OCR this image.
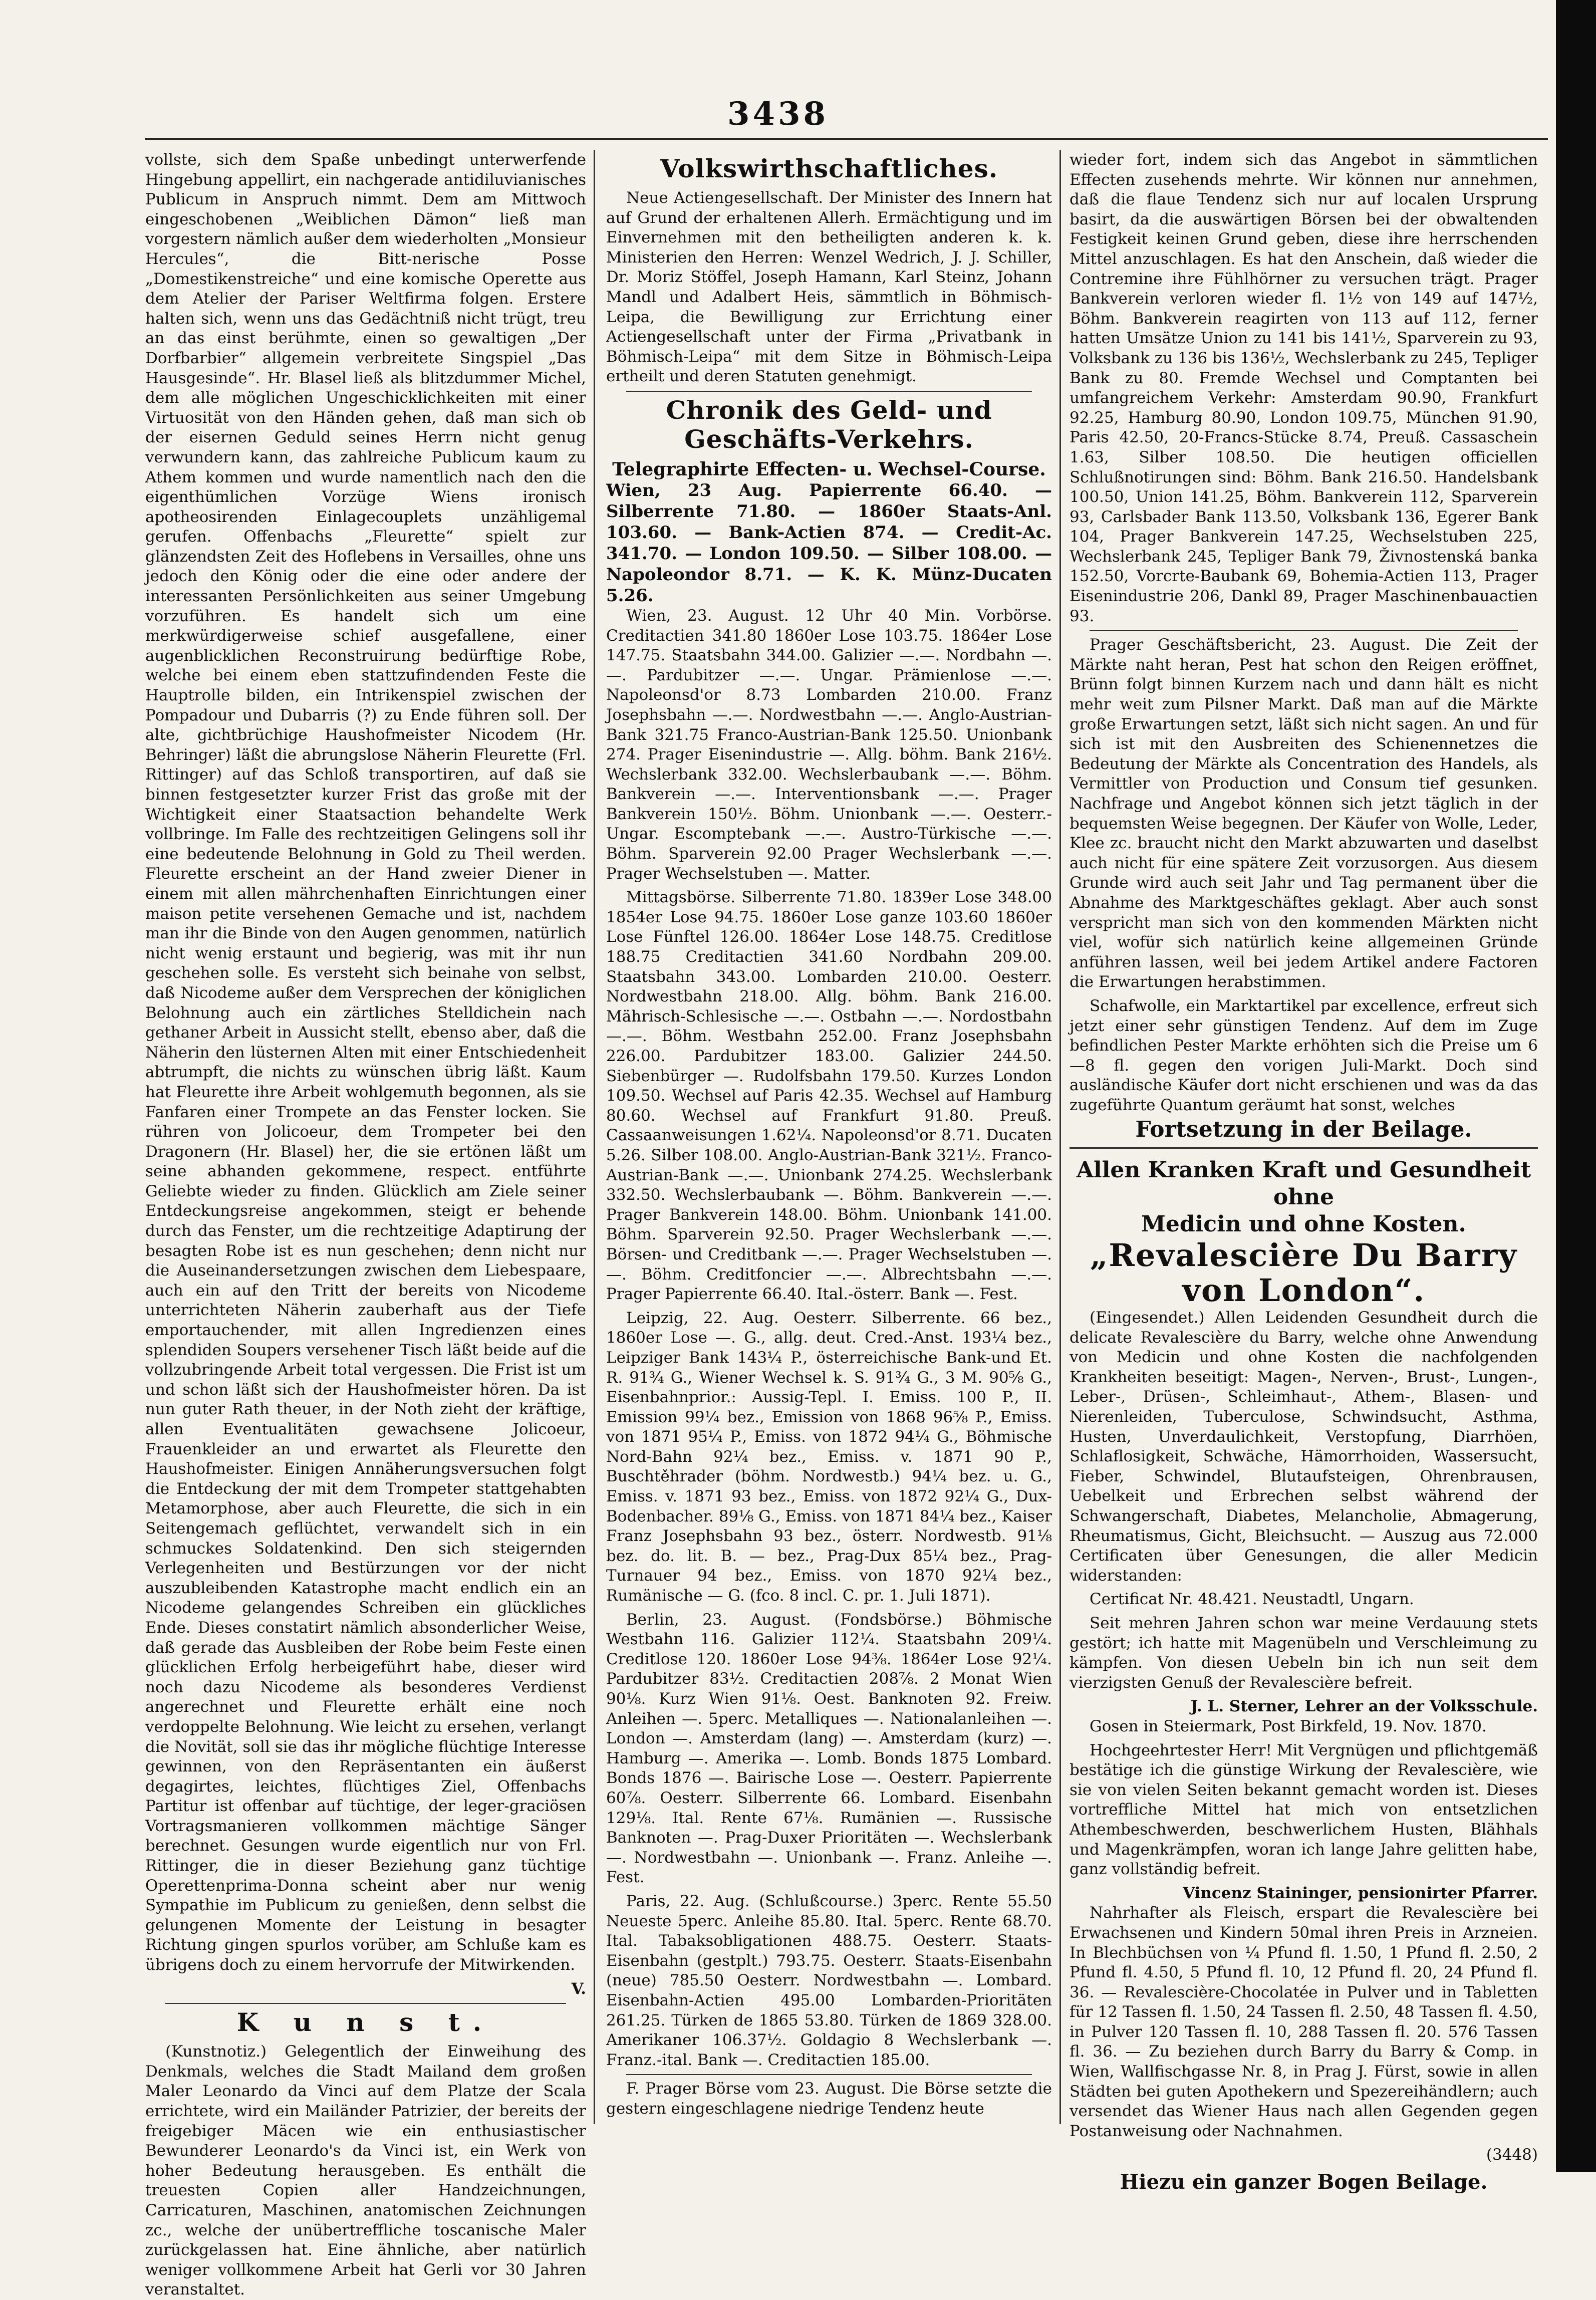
3438

vollste, sich dem Spaße unbedingt unterwerfende Hingebung appellirt, ein nachgerade antidiluvianisches Publicum in Anspruch nimmt. Dem am Mittwoch eingeschobenen „Weiblichen Dämon“ ließ man vorgestern nämlich außer dem wiederholten „Monsieur Hercules“, die Bitt-nerische Posse „Domestikenstreiche“ und eine komische Operette aus dem Atelier der Pariser Weltfirma folgen. Erstere halten sich, wenn uns das Gedächtniß nicht trügt, treu an das einst berühmte, einen so gewaltigen „Der Dorfbarbier“ allgemein verbreitete Singspiel „Das Hausgesinde“. Hr. Blasel ließ als blitzdummer Michel, dem alle möglichen Ungeschicklichkeiten mit einer Virtuosität von den Händen gehen, daß man sich ob der eisernen Geduld seines Herrn nicht genug verwundern kann, das zahlreiche Publicum kaum zu Athem kommen und wurde namentlich nach den die eigenthümlichen Vorzüge Wiens ironisch apotheosirenden Einlagecouplets unzähligemal gerufen. Offenbachs „Fleurette“ spielt zur glänzendsten Zeit des Hoflebens in Versailles, ohne uns jedoch den König oder die eine oder andere der interessanten Persönlichkeiten aus seiner Umgebung vorzuführen. Es handelt sich um eine merkwürdigerweise schief ausgefallene, einer augenblicklichen Reconstruirung bedürftige Robe, welche bei einem eben stattzufindenden Feste die Hauptrolle bilden, ein Intrikenspiel zwischen der Pompadour und Dubarris (?) zu Ende führen soll. Der alte, gichtbrüchige Haushofmeister Nicodem (Hr. Behringer) läßt die abrungslose Näherin Fleurette (Frl. Rittinger) auf das Schloß transportiren, auf daß sie binnen festgesetzter kurzer Frist das große mit der Wichtigkeit einer Staatsaction behandelte Werk vollbringe. Im Falle des rechtzeitigen Gelingens soll ihr eine bedeutende Belohnung in Gold zu Theil werden. Fleurette erscheint an der Hand zweier Diener in einem mit allen mährchenhaften Einrichtungen einer maison petite versehenen Gemache und ist, nachdem man ihr die Binde von den Augen genommen, natürlich nicht wenig erstaunt und begierig, was mit ihr nun geschehen solle. Es versteht sich beinahe von selbst, daß Nicodeme außer dem Versprechen der königlichen Belohnung auch ein zärtliches Stelldichein nach gethaner Arbeit in Aussicht stellt, ebenso aber, daß die Näherin den lüsternen Alten mit einer Entschiedenheit abtrumpft, die nichts zu wünschen übrig läßt. Kaum hat Fleurette ihre Arbeit wohlgemuth begonnen, als sie Fanfaren einer Trompete an das Fenster locken. Sie rühren von Jolicoeur, dem Trompeter bei den Dragonern (Hr. Blasel) her, die sie ertönen läßt um seine abhanden gekommene, respect. entführte Geliebte wieder zu finden. Glücklich am Ziele seiner Entdeckungsreise angekommen, steigt er behende durch das Fenster, um die rechtzeitige Adaptirung der besagten Robe ist es nun geschehen; denn nicht nur die Auseinandersetzungen zwischen dem Liebespaare, auch ein auf den Tritt der bereits von Nicodeme unterrichteten Näherin zauberhaft aus der Tiefe emportauchender, mit allen Ingredienzen eines splendiden Soupers versehener Tisch läßt beide auf die vollzubringende Arbeit total vergessen. Die Frist ist um und schon läßt sich der Haushofmeister hören. Da ist nun guter Rath theuer, in der Noth zieht der kräftige, allen Eventualitäten gewachsene Jolicoeur, Frauenkleider an und erwartet als Fleurette den Haushofmeister. Einigen Annäherungsversuchen folgt die Entdeckung der mit dem Trompeter stattgehabten Metamorphose, aber auch Fleurette, die sich in ein Seitengemach geflüchtet, verwandelt sich in ein schmuckes Soldatenkind. Den sich steigernden Verlegenheiten und Bestürzungen vor der nicht auszubleibenden Katastrophe macht endlich ein an Nicodeme gelangendes Schreiben ein glückliches Ende. Dieses constatirt nämlich absonderlicher Weise, daß gerade das Ausbleiben der Robe beim Feste einen glücklichen Erfolg herbeigeführt habe, dieser wird noch dazu Nicodeme als besonderes Verdienst angerechnet und Fleurette erhält eine noch verdoppelte Belohnung. Wie leicht zu ersehen, verlangt die Novität, soll sie das ihr mögliche flüchtige Interesse gewinnen, von den Repräsentanten ein äußerst degagirtes, leichtes, flüchtiges Ziel, Offenbachs Partitur ist offenbar auf tüchtige, der leger-graciösen Vortragsmanieren vollkommen mächtige Sänger berechnet. Gesungen wurde eigentlich nur von Frl. Rittinger, die in dieser Beziehung ganz tüchtige Operettenprima-Donna scheint aber nur wenig Sympathie im Publicum zu genießen, denn selbst die gelungenen Momente der Leistung in besagter Richtung gingen spurlos vorüber, am Schluße kam es übrigens doch zu einem hervorrufe der Mitwirkenden.

V.
K u n s t.

(Kunstnotiz.) Gelegentlich der Einweihung des Denkmals, welches die Stadt Mailand dem großen Maler Leonardo da Vinci auf dem Platze der Scala errichtete, wird ein Mailänder Patrizier, der bereits der freigebiger Mäcen wie ein enthusiastischer Bewunderer Leonardo's da Vinci ist, ein Werk von hoher Bedeutung herausgeben. Es enthält die treuesten Copien aller Handzeichnungen, Carricaturen, Maschinen, anatomischen Zeichnungen zc., welche der unübertreffliche toscanische Maler zurückgelassen hat. Eine ähnliche, aber natürlich weniger vollkommene Arbeit hat Gerli vor 30 Jahren veranstaltet.

Volkswirthschaftliches.

Neue Actiengesellschaft. Der Minister des Innern hat auf Grund der erhaltenen Allerh. Ermächtigung und im Einvernehmen mit den betheiligten anderen k. k. Ministerien den Herren: Wenzel Wedrich, J. J. Schiller, Dr. Moriz Stöffel, Joseph Hamann, Karl Steinz, Johann Mandl und Adalbert Heis, sämmtlich in Böhmisch-Leipa, die Bewilligung zur Errichtung einer Actiengesellschaft unter der Firma „Privatbank in Böhmisch-Leipa“ mit dem Sitze in Böhmisch-Leipa ertheilt und deren Statuten genehmigt.

Chronik des Geld- und Geschäfts-Verkehrs.
Telegraphirte Effecten- u. Wechsel-Course.
Wien, 23 Aug. Papierrente 66.40. — Silberrente 71.80. — 1860er Staats-Anl. 103.60. — Bank-Actien 874. — Credit-Ac. 341.70. — London 109.50. — Silber 108.00. — Napoleondor 8.71. — K. K. Münz-Ducaten 5.26.

Wien, 23. August. 12 Uhr 40 Min. Vorbörse. Creditactien 341.80 1860er Lose 103.75. 1864er Lose 147.75. Staatsbahn 344.00. Galizier —.—. Nordbahn —.—. Pardubitzer —.—. Ungar. Prämienlose —.—. Napoleonsd'or 8.73 Lombarden 210.00. Franz Josephsbahn —.—. Nordwestbahn —.—. Anglo-Austrian-Bank 321.75 Franco-Austrian-Bank 125.50. Unionbank 274. Prager Eisenindustrie —. Allg. böhm. Bank 216½. Wechslerbank 332.00. Wechslerbaubank —.—. Böhm. Bankverein —.—. Interventionsbank —.—. Prager Bankverein 150½. Böhm. Unionbank —.—. Oesterr.-Ungar. Escomptebank —.—. Austro-Türkische —.—. Böhm. Sparverein 92.00 Prager Wechslerbank —.—. Prager Wechselstuben —. Matter.

Mittagsbörse. Silberrente 71.80. 1839er Lose 348.00 1854er Lose 94.75. 1860er Lose ganze 103.60 1860er Lose Fünftel 126.00. 1864er Lose 148.75. Creditlose 188.75 Creditactien 341.60 Nordbahn 209.00. Staatsbahn 343.00. Lombarden 210.00. Oesterr. Nordwestbahn 218.00. Allg. böhm. Bank 216.00. Mährisch-Schlesische —.—. Ostbahn —.—. Nordostbahn —.—. Böhm. Westbahn 252.00. Franz Josephsbahn 226.00. Pardubitzer 183.00. Galizier 244.50. Siebenbürger —. Rudolfsbahn 179.50. Kurzes London 109.50. Wechsel auf Paris 42.35. Wechsel auf Hamburg 80.60. Wechsel auf Frankfurt 91.80. Preuß. Cassaanweisungen 1.62¼. Napoleonsd'or 8.71. Ducaten 5.26. Silber 108.00. Anglo-Austrian-Bank 321½. Franco-Austrian-Bank —.—. Unionbank 274.25. Wechslerbank 332.50. Wechslerbaubank —. Böhm. Bankverein —.—. Prager Bankverein 148.00. Böhm. Unionbank 141.00. Böhm. Sparverein 92.50. Prager Wechslerbank —.—. Börsen- und Creditbank —.—. Prager Wechselstuben —.—. Böhm. Creditfoncier —.—. Albrechtsbahn —.—. Prager Papierrente 66.40. Ital.-österr. Bank —. Fest.

Leipzig, 22. Aug. Oesterr. Silberrente. 66 bez., 1860er Lose —. G., allg. deut. Cred.-Anst. 193¼ bez., Leipziger Bank 143¼ P., österreichische Bank-und Et. R. 91¾ G., Wiener Wechsel k. S. 91¾ G., 3 M. 90⅝ G., Eisenbahnprior.: Aussig-Tepl. I. Emiss. 100 P., II. Emission 99¼ bez., Emission von 1868 96⅝ P., Emiss. von 1871 95¼ P., Emiss. von 1872 94¼ G., Böhmische Nord-Bahn 92¼ bez., Emiss. v. 1871 90 P., Buschtěhrader (böhm. Nordwestb.) 94¼ bez. u. G., Emiss. v. 1871 93 bez., Emiss. von 1872 92¼ G., Dux-Bodenbacher. 89⅛ G., Emiss. von 1871 84¼ bez., Kaiser Franz Josephsbahn 93 bez., österr. Nordwestb. 91⅛ bez. do. lit. B. — bez., Prag-Dux 85¼ bez., Prag-Turnauer 94 bez., Emiss. von 1870 92¼ bez., Rumänische — G. (fco. 8 incl. C. pr. 1. Juli 1871).

Berlin, 23. August. (Fondsbörse.) Böhmische Westbahn 116. Galizier 112¼. Staatsbahn 209¼. Creditlose 120. 1860er Lose 94⅜. 1864er Lose 92¼. Pardubitzer 83½. Creditactien 208⅞. 2 Monat Wien 90⅛. Kurz Wien 91⅛. Oest. Banknoten 92. Freiw. Anleihen —. 5perc. Metalliques —. Nationalanleihen —. London —. Amsterdam (lang) —. Amsterdam (kurz) —. Hamburg —. Amerika —. Lomb. Bonds 1875 Lombard. Bonds 1876 —. Bairische Lose —. Oesterr. Papierrente 60⅞. Oesterr. Silberrente 66. Lombard. Eisenbahn 129⅛. Ital. Rente 67⅛. Rumänien —. Russische Banknoten —. Prag-Duxer Prioritäten —. Wechslerbank —. Nordwestbahn —. Unionbank —. Franz. Anleihe —. Fest.

Paris, 22. Aug. (Schlußcourse.) 3perc. Rente 55.50 Neueste 5perc. Anleihe 85.80. Ital. 5perc. Rente 68.70. Ital. Tabaksobligationen 488.75. Oesterr. Staats-Eisenbahn (gestplt.) 793.75. Oesterr. Staats-Eisenbahn (neue) 785.50 Oesterr. Nordwestbahn —. Lombard. Eisenbahn-Actien 495.00 Lombarden-Prioritäten 261.25. Türken de 1865 53.80. Türken de 1869 328.00. Amerikaner 106.37½. Goldagio 8 Wechslerbank —. Franz.-ital. Bank —. Creditactien 185.00.

F. Prager Börse vom 23. August. Die Börse setzte die gestern eingeschlagene niedrige Tendenz heute

wieder fort, indem sich das Angebot in sämmtlichen Effecten zusehends mehrte. Wir können nur annehmen, daß die flaue Tendenz sich nur auf localen Ursprung basirt, da die auswärtigen Börsen bei der obwaltenden Festigkeit keinen Grund geben, diese ihre herrschenden Mittel anzuschlagen. Es hat den Anschein, daß wieder die Contremine ihre Fühlhörner zu versuchen trägt. Prager Bankverein verloren wieder fl. 1½ von 149 auf 147½, Böhm. Bankverein reagirten von 113 auf 112, ferner hatten Umsätze Union zu 141 bis 141½, Sparverein zu 93, Volksbank zu 136 bis 136½, Wechslerbank zu 245, Tepliger Bank zu 80. Fremde Wechsel und Comptanten bei umfangreichem Verkehr: Amsterdam 90.90, Frankfurt 92.25, Hamburg 80.90, London 109.75, München 91.90, Paris 42.50, 20-Francs-Stücke 8.74, Preuß. Cassaschein 1.63, Silber 108.50. Die heutigen officiellen Schlußnotirungen sind: Böhm. Bank 216.50. Handelsbank 100.50, Union 141.25, Böhm. Bankverein 112, Sparverein 93, Carlsbader Bank 113.50, Volksbank 136, Egerer Bank 104, Prager Bankverein 147.25, Wechselstuben 225, Wechslerbank 245, Tepliger Bank 79, Živnostenská banka 152.50, Vorcrte-Baubank 69, Bohemia-Actien 113, Prager Eisenindustrie 206, Dankl 89, Prager Maschinenbauactien 93.

Prager Geschäftsbericht, 23. August. Die Zeit der Märkte naht heran, Pest hat schon den Reigen eröffnet, Brünn folgt binnen Kurzem nach und dann hält es nicht mehr weit zum Pilsner Markt. Daß man auf die Märkte große Erwartungen setzt, läßt sich nicht sagen. An und für sich ist mit den Ausbreiten des Schienennetzes die Bedeutung der Märkte als Concentration des Handels, als Vermittler von Production und Consum tief gesunken. Nachfrage und Angebot können sich jetzt täglich in der bequemsten Weise begegnen. Der Käufer von Wolle, Leder, Klee zc. braucht nicht den Markt abzuwarten und daselbst auch nicht für eine spätere Zeit vorzusorgen. Aus diesem Grunde wird auch seit Jahr und Tag permanent über die Abnahme des Marktgeschäftes geklagt. Aber auch sonst verspricht man sich von den kommenden Märkten nicht viel, wofür sich natürlich keine allgemeinen Gründe anführen lassen, weil bei jedem Artikel andere Factoren die Erwartungen herabstimmen.

Schafwolle, ein Marktartikel par excellence, erfreut sich jetzt einer sehr günstigen Tendenz. Auf dem im Zuge befindlichen Pester Markte erhöhten sich die Preise um 6—8 fl. gegen den vorigen Juli-Markt. Doch sind ausländische Käufer dort nicht erschienen und was da das zugeführte Quantum geräumt hat sonst, welches

Fortsetzung in der Beilage.
Allen Kranken Kraft und Gesundheit ohne
Medicin und ohne Kosten.
„Revalescière Du Barry
von London“.

(Eingesendet.) Allen Leidenden Gesundheit durch die delicate Revalescière du Barry, welche ohne Anwendung von Medicin und ohne Kosten die nachfolgenden Krankheiten beseitigt: Magen-, Nerven-, Brust-, Lungen-, Leber-, Drüsen-, Schleimhaut-, Athem-, Blasen- und Nierenleiden, Tuberculose, Schwindsucht, Asthma, Husten, Unverdaulichkeit, Verstopfung, Diarrhöen, Schlaflosigkeit, Schwäche, Hämorrhoiden, Wassersucht, Fieber, Schwindel, Blutaufsteigen, Ohrenbrausen, Uebelkeit und Erbrechen selbst während der Schwangerschaft, Diabetes, Melancholie, Abmagerung, Rheumatismus, Gicht, Bleichsucht. — Auszug aus 72.000 Certificaten über Genesungen, die aller Medicin widerstanden:

Certificat Nr. 48.421. Neustadtl, Ungarn.

Seit mehren Jahren schon war meine Verdauung stets gestört; ich hatte mit Magenübeln und Verschleimung zu kämpfen. Von diesen Uebeln bin ich nun seit dem vierzigsten Genuß der Revalescière befreit.

J. L. Sterner, Lehrer an der Volksschule.

Gosen in Steiermark, Post Birkfeld, 19. Nov. 1870.

Hochgeehrtester Herr! Mit Vergnügen und pflichtgemäß bestätige ich die günstige Wirkung der Revalescière, wie sie von vielen Seiten bekannt gemacht worden ist. Dieses vortreffliche Mittel hat mich von entsetzlichen Athembeschwerden, beschwerlichem Husten, Blähhals und Magenkrämpfen, woran ich lange Jahre gelitten habe, ganz vollständig befreit.

Vincenz Staininger, pensionirter Pfarrer.

Nahrhafter als Fleisch, erspart die Revalescière bei Erwachsenen und Kindern 50mal ihren Preis in Arzneien. In Blechbüchsen von ¼ Pfund fl. 1.50, 1 Pfund fl. 2.50, 2 Pfund fl. 4.50, 5 Pfund fl. 10, 12 Pfund fl. 20, 24 Pfund fl. 36. — Revalescière-Chocolatée in Pulver und in Tabletten für 12 Tassen fl. 1.50, 24 Tassen fl. 2.50, 48 Tassen fl. 4.50, in Pulver 120 Tassen fl. 10, 288 Tassen fl. 20. 576 Tassen fl. 36. — Zu beziehen durch Barry du Barry & Comp. in Wien, Wallfischgasse Nr. 8, in Prag J. Fürst, sowie in allen Städten bei guten Apothekern und Spezereihändlern; auch versendet das Wiener Haus nach allen Gegenden gegen Postanweisung oder Nachnahmen.

(3448)
Hiezu ein ganzer Bogen Beilage.
